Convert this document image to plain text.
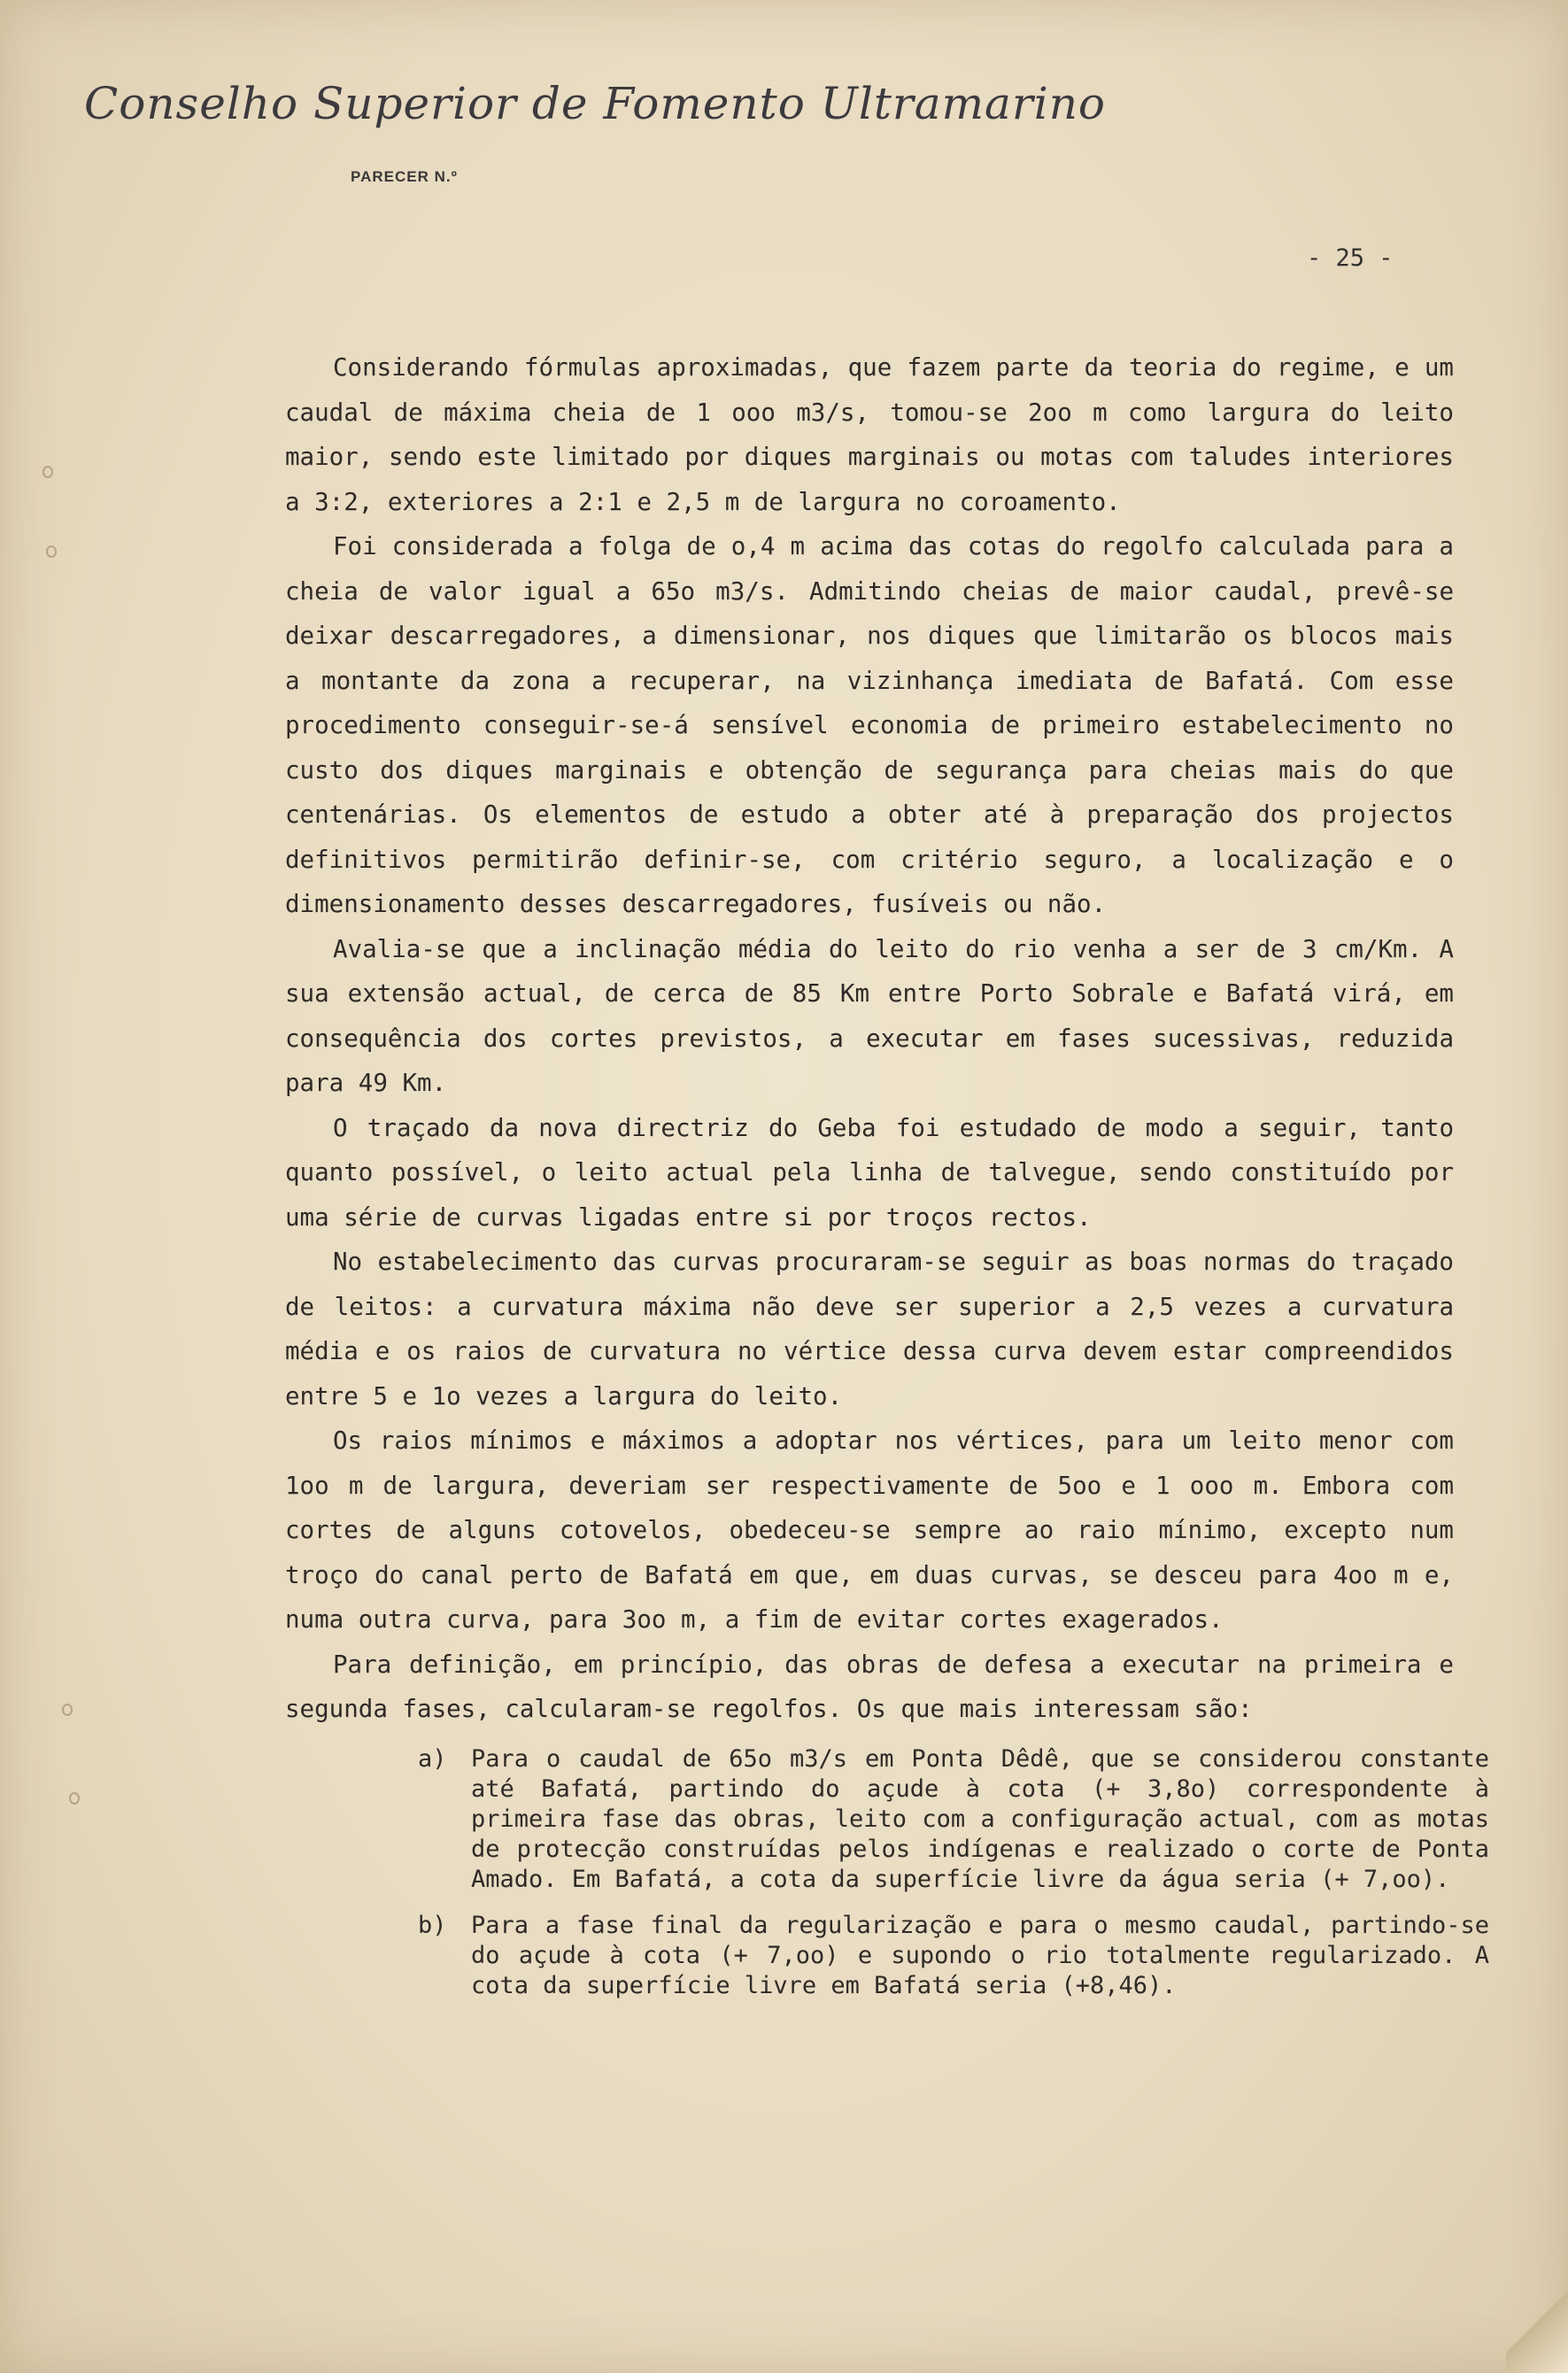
Conselho Superior de Fomento Ultramarino
PARECER N.º
- 25 -

Considerando fórmulas aproximadas, que fazem parte da teoria do regime, e um caudal de máxima cheia de 1 ooo m3/s, tomou-se 2oo m como largura do leito maior, sendo este limitado por diques marginais ou motas com taludes interiores a 3:2, exteriores a 2:1 e 2,5 m de largura no coroamento.

Foi considerada a folga de o,4 m acima das cotas do regolfo calculada para a cheia de valor igual a 65o m3/s. Admitindo cheias de maior caudal, prevê-se deixar descarregadores, a dimensionar, nos diques que limitarão os blocos mais a montante da zona a recuperar, na vizinhança imediata de Bafatá. Com esse procedimento conseguir-se-á sensível economia de primeiro estabelecimento no custo dos diques marginais e obtenção de segurança para cheias mais do que centenárias. Os elementos de estudo a obter até à preparação dos projectos definitivos permitirão definir-se, com critério seguro, a localização e o dimensionamento desses descarregadores, fusíveis ou não.

Avalia-se que a inclinação média do leito do rio venha a ser de 3 cm/Km. A sua extensão actual, de cerca de 85 Km entre Porto Sobrale e Bafatá virá, em consequência dos cortes previstos, a executar em fases sucessivas, reduzida para 49 Km.

O traçado da nova directriz do Geba foi estudado de modo a seguir, tanto quanto possível, o leito actual pela linha de talvegue, sendo constituído por uma série de curvas ligadas entre si por troços rectos.

No estabelecimento das curvas procuraram-se seguir as boas normas do traçado de leitos: a curvatura máxima não deve ser superior a 2,5 vezes a curvatura média e os raios de curvatura no vértice dessa curva devem estar compreendidos entre 5 e 1o vezes a largura do leito.

Os raios mínimos e máximos a adoptar nos vértices, para um leito menor com 1oo m de largura, deveriam ser respectivamente de 5oo e 1 ooo m. Embora com cortes de alguns cotovelos, obedeceu-se sempre ao raio mínimo, excepto num troço do canal perto de Bafatá em que, em duas curvas, se desceu para 4oo m e, numa outra curva, para 3oo m, a fim de evitar cortes exagerados.

Para definição, em princípio, das obras de defesa a executar na primeira e segunda fases, calcularam-se regolfos. Os que mais interessam são:

a)	Para o caudal de 65o m3/s em Ponta Dêdê, que se considerou constante até Bafatá, partindo do açude à cota (+ 3,8o) correspondente à primeira fase das obras, leito com a configuração actual, com as motas de protecção construídas pelos indígenas e realizado o corte de Ponta Amado. Em Bafatá, a cota da superfície livre da água seria (+ 7,oo).
b)	Para a fase final da regularização e para o mesmo caudal, partindo-se do açude à cota (+ 7,oo) e supondo o rio totalmente regularizado. A cota da superfície livre em Bafatá seria (+8,46).
